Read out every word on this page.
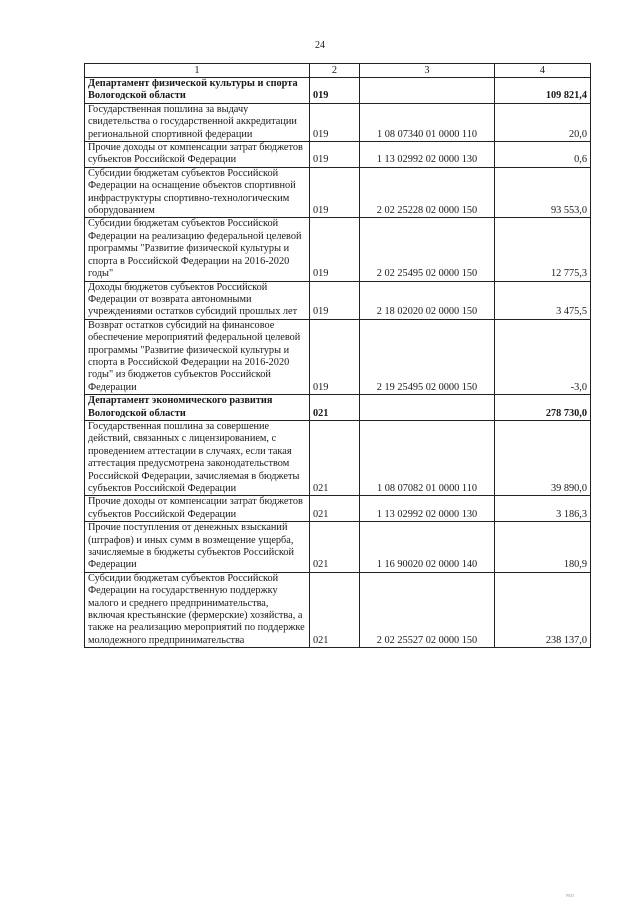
24
1	2	3	4
Департамент физической культуры и спорта Вологодской области	019		109 821,4
Государственная пошлина за выдачу свидетельства о государственной аккредитации региональной спортивной федерации	019	1 08 07340 01 0000 110	20,0
Прочие доходы от компенсации затрат бюджетов субъектов Российской Федерации	019	1 13 02992 02 0000 130	0,6
Субсидии бюджетам субъектов Российской Федерации на оснащение объектов спортивной инфраструктуры спортивно-технологическим оборудованием	019	2 02 25228 02 0000 150	93 553,0
Субсидии бюджетам субъектов Российской Федерации на реализацию федеральной целевой программы "Развитие физической культуры и спорта в Российской Федерации на 2016-2020 годы"	019	2 02 25495 02 0000 150	12 775,3
Доходы бюджетов субъектов Российской Федерации от возврата автономными учреждениями остатков субсидий прошлых лет	019	2 18 02020 02 0000 150	3 475,5
Возврат остатков субсидий на финансовое обеспечение мероприятий федеральной целевой программы "Развитие физической культуры и спорта в Российской Федерации на 2016-2020 годы" из бюджетов субъектов Российской Федерации	019	2 19 25495 02 0000 150	-3,0
Департамент экономического развития Вологодской области	021		278 730,0
Государственная пошлина за совершение действий, связанных с лицензированием, с проведением аттестации в случаях, если такая аттестация предусмотрена законодательством Российской Федерации, зачисляемая в бюджеты субъектов Российской Федерации	021	1 08 07082 01 0000 110	39 890,0
Прочие доходы от компенсации затрат бюджетов субъектов Российской Федерации	021	1 13 02992 02 0000 130	3 186,3
Прочие поступления от денежных взысканий (штрафов) и иных сумм в возмещение ущерба, зачисляемые в бюджеты субъектов Российской Федерации	021	1 16 90020 02 0000 140	180,9
Субсидии бюджетам субъектов Российской Федерации на государственную поддержку малого и среднего предпринимательства, включая крестьянские (фермерские) хозяйства, а также на реализацию мероприятий по поддержке молодежного предпринимательства	021	2 02 25527 02 0000 150	238 137,0
РКП
